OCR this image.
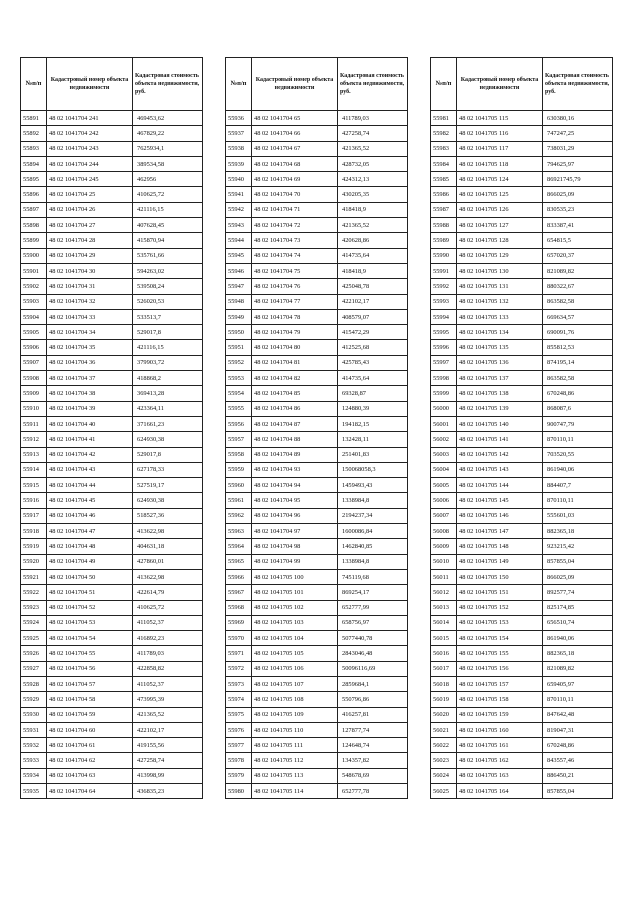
№п/п	Кадастровый номер объекта недвижимости	Кадастровая стоимость объекта недвижимости, руб.
55891	48 02 1041704 241	469453,62
55892	48 02 1041704 242	467829,22
55893	48 02 1041704 243	7625934,1
55894	48 02 1041704 244	389534,58
55895	48 02 1041704 245	462956
55896	48 02 1041704 25	410625,72
55897	48 02 1041704 26	421116,15
55898	48 02 1041704 27	407628,45
55899	48 02 1041704 28	415870,94
55900	48 02 1041704 29	535761,66
55901	48 02 1041704 30	594263,02
55902	48 02 1041704 31	539508,24
55903	48 02 1041704 32	526020,53
55904	48 02 1041704 33	533513,7
55905	48 02 1041704 34	529017,8
55906	48 02 1041704 35	421116,15
55907	48 02 1041704 36	379903,72
55908	48 02 1041704 37	418868,2
55909	48 02 1041704 38	369413,28
55910	48 02 1041704 39	423364,11
55911	48 02 1041704 40	371661,23
55912	48 02 1041704 41	624930,38
55913	48 02 1041704 42	529017,8
55914	48 02 1041704 43	627178,33
55915	48 02 1041704 44	527519,17
55916	48 02 1041704 45	624930,38
55917	48 02 1041704 46	518527,36
55918	48 02 1041704 47	413622,98
55919	48 02 1041704 48	404631,18
55920	48 02 1041704 49	427860,01
55921	48 02 1041704 50	413622,98
55922	48 02 1041704 51	422614,79
55923	48 02 1041704 52	410625,72
55924	48 02 1041704 53	411052,37
55925	48 02 1041704 54	416892,23
55926	48 02 1041704 55	411789,03
55927	48 02 1041704 56	422858,82
55928	48 02 1041704 57	411052,37
55929	48 02 1041704 58	473995,39
55930	48 02 1041704 59	421365,52
55931	48 02 1041704 60	422102,17
55932	48 02 1041704 61	419155,56
55933	48 02 1041704 62	427258,74
55934	48 02 1041704 63	413998,99
55935	48 02 1041704 64	436835,23
№п/п	Кадастровый номер объекта недвижимости	Кадастровая стоимость объекта недвижимости, руб.
55936	48 02 1041704 65	411789,03
55937	48 02 1041704 66	427258,74
55938	48 02 1041704 67	421365,52
55939	48 02 1041704 68	428732,05
55940	48 02 1041704 69	424312,13
55941	48 02 1041704 70	430205,35
55942	48 02 1041704 71	418418,9
55943	48 02 1041704 72	421365,52
55944	48 02 1041704 73	420628,86
55945	48 02 1041704 74	414735,64
55946	48 02 1041704 75	418418,9
55947	48 02 1041704 76	425048,78
55948	48 02 1041704 77	422102,17
55949	48 02 1041704 78	408579,07
55950	48 02 1041704 79	415472,29
55951	48 02 1041704 80	412525,68
55952	48 02 1041704 81	425785,43
55953	48 02 1041704 82	414735,64
55954	48 02 1041704 85	69328,87
55955	48 02 1041704 86	124880,39
55956	48 02 1041704 87	194182,15
55957	48 02 1041704 88	132428,11
55958	48 02 1041704 89	251401,83
55959	48 02 1041704 93	150068058,3
55960	48 02 1041704 94	1459493,43
55961	48 02 1041704 95	1338984,8
55962	48 02 1041704 96	2194237,34
55963	48 02 1041704 97	1600086,84
55964	48 02 1041704 98	1462840,85
55965	48 02 1041704 99	1338984,8
55966	48 02 1041705 100	745119,68
55967	48 02 1041705 101	869254,17
55968	48 02 1041705 102	652777,99
55969	48 02 1041705 103	658756,97
55970	48 02 1041705 104	5077440,78
55971	48 02 1041705 105	2843046,48
55972	48 02 1041705 106	50096116,69
55973	48 02 1041705 107	2859684,1
55974	48 02 1041705 108	550796,86
55975	48 02 1041705 109	416257,81
55976	48 02 1041705 110	127877,74
55977	48 02 1041705 111	124648,74
55978	48 02 1041705 112	134357,82
55979	48 02 1041705 113	548678,69
55980	48 02 1041705 114	652777,78
№п/п	Кадастровый номер объекта недвижимости	Кадастровая стоимость объекта недвижимости, руб.
55981	48 02 1041705 115	630380,16
55982	48 02 1041705 116	747247,25
55983	48 02 1041705 117	738031,29
55984	48 02 1041705 118	794625,97
55985	48 02 1041705 124	86921745,79
55986	48 02 1041705 125	866025,09
55987	48 02 1041705 126	830535,23
55988	48 02 1041705 127	833387,41
55989	48 02 1041705 128	654815,5
55990	48 02 1041705 129	657020,37
55991	48 02 1041705 130	821089,82
55992	48 02 1041705 131	880322,67
55993	48 02 1041705 132	863582,58
55994	48 02 1041705 133	669634,57
55995	48 02 1041705 134	690091,76
55996	48 02 1041705 135	855812,53
55997	48 02 1041705 136	874195,14
55998	48 02 1041705 137	863582,58
55999	48 02 1041705 138	670248,86
56000	48 02 1041705 139	868087,6
56001	48 02 1041705 140	900747,79
56002	48 02 1041705 141	870110,11
56003	48 02 1041705 142	703520,55
56004	48 02 1041705 143	861940,06
56005	48 02 1041705 144	884407,7
56006	48 02 1041705 145	870110,11
56007	48 02 1041705 146	555601,03
56008	48 02 1041705 147	882365,18
56009	48 02 1041705 148	923215,42
56010	48 02 1041705 149	857855,04
56011	48 02 1041705 150	866025,09
56012	48 02 1041705 151	892577,74
56013	48 02 1041705 152	825174,85
56014	48 02 1041705 153	656510,74
56015	48 02 1041705 154	861940,06
56016	48 02 1041705 155	882365,18
56017	48 02 1041705 156	821089,82
56018	48 02 1041705 157	659405,97
56019	48 02 1041705 158	870110,11
56020	48 02 1041705 159	847642,48
56021	48 02 1041705 160	819047,31
56022	48 02 1041705 161	670248,86
56023	48 02 1041705 162	843557,46
56024	48 02 1041705 163	886450,21
56025	48 02 1041705 164	857855,04
